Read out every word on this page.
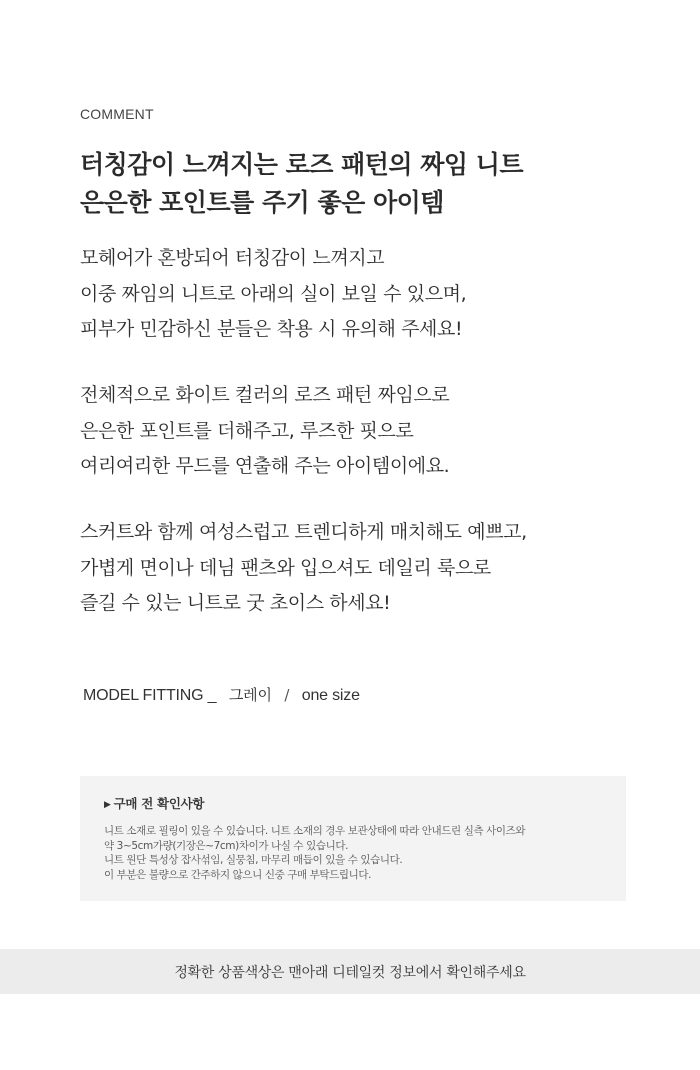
COMMENT
터칭감이 느껴지는 로즈 패턴의 짜임 니트
은은한 포인트를 주기 좋은 아이템
모헤어가 혼방되어 터칭감이 느껴지고
이중 짜임의 니트로 아래의 실이 보일 수 있으며,
피부가 민감하신 분들은 착용 시 유의해 주세요!
전체적으로 화이트 컬러의 로즈 패턴 짜임으로
은은한 포인트를 더해주고, 루즈한 핏으로
여리여리한 무드를 연출해 주는 아이템이에요.
스커트와 함께 여성스럽고 트렌디하게 매치해도 예쁘고,
가볍게 면이나 데님 팬츠와 입으셔도 데일리 룩으로
즐길 수 있는 니트로 굿 초이스 하세요!
MODEL FITTING _ 그레이 / one size
▶ 구매 전 확인사항
니트 소재로 필링이 있을 수 있습니다. 니트 소재의 경우 보관상태에 따라 안내드린 실측 사이즈와
약 3~5cm가량(기장은~7cm)차이가 나실 수 있습니다.
니트 원단 특성상 잡사섞임, 실뭉침, 마무리 매듭이 있을 수 있습니다.
이 부분은 불량으로 간주하지 않으니 신중 구매 부탁드립니다.
정확한 상품색상은 맨아래 디테일컷 정보에서 확인해주세요
